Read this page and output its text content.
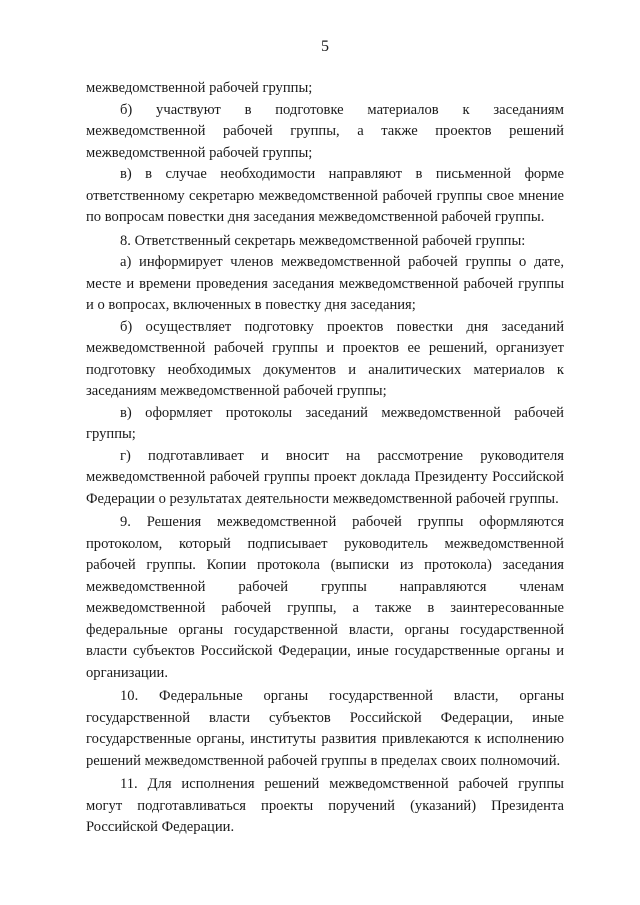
5

межведомственной рабочей группы;

б) участвуют в подготовке материалов к заседаниям межведомственной рабочей группы, а также проектов решений межведомственной рабочей группы;

в) в случае необходимости направляют в письменной форме ответственному секретарю межведомственной рабочей группы свое мнение по вопросам повестки дня заседания межведомственной рабочей группы.

8. Ответственный секретарь межведомственной рабочей группы:

а) информирует членов межведомственной рабочей группы о дате, месте и времени проведения заседания межведомственной рабочей группы и о вопросах, включенных в повестку дня заседания;

б) осуществляет подготовку проектов повестки дня заседаний межведомственной рабочей группы и проектов ее решений, организует подготовку необходимых документов и аналитических материалов к заседаниям межведомственной рабочей группы;

в) оформляет протоколы заседаний межведомственной рабочей группы;

г) подготавливает и вносит на рассмотрение руководителя межведомственной рабочей группы проект доклада Президенту Российской Федерации о результатах деятельности межведомственной рабочей группы.

9. Решения межведомственной рабочей группы оформляются протоколом, который подписывает руководитель межведомственной рабочей группы. Копии протокола (выписки из протокола) заседания межведомственной рабочей группы направляются членам межведомственной рабочей группы, а также в заинтересованные федеральные органы государственной власти, органы государственной власти субъектов Российской Федерации, иные государственные органы и организации.

10. Федеральные органы государственной власти, органы государственной власти субъектов Российской Федерации, иные государственные органы, институты развития привлекаются к исполнению решений межведомственной рабочей группы в пределах своих полномочий.

11. Для исполнения решений межведомственной рабочей группы могут подготавливаться проекты поручений (указаний) Президента Российской Федерации.
